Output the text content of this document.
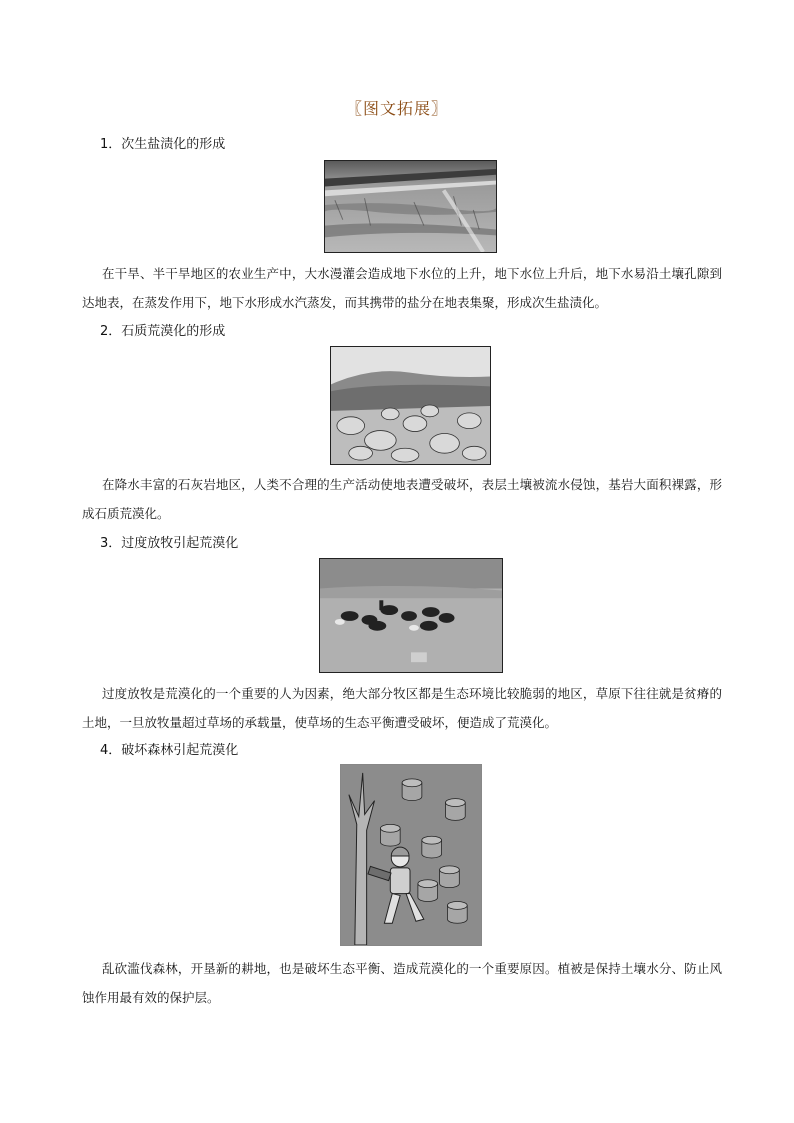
〖图文拓展〗
1．次生盐渍化的形成
在干旱、半干旱地区的农业生产中，大水漫灌会造成地下水位的上升，地下水位上升后，地下水易沿土壤孔隙到达地表，在蒸发作用下，地下水形成水汽蒸发，而其携带的盐分在地表集聚，形成次生盐渍化。
2．石质荒漠化的形成
在降水丰富的石灰岩地区，人类不合理的生产活动使地表遭受破坏，表层土壤被流水侵蚀，基岩大面积裸露，形成石质荒漠化。
3．过度放牧引起荒漠化
过度放牧是荒漠化的一个重要的人为因素，绝大部分牧区都是生态环境比较脆弱的地区，草原下往往就是贫瘠的土地，一旦放牧量超过草场的承载量，使草场的生态平衡遭受破坏，便造成了荒漠化。
4．破坏森林引起荒漠化
乱砍滥伐森林，开垦新的耕地，也是破坏生态平衡、造成荒漠化的一个重要原因。植被是保持土壤水分、防止风蚀作用最有效的保护层。
